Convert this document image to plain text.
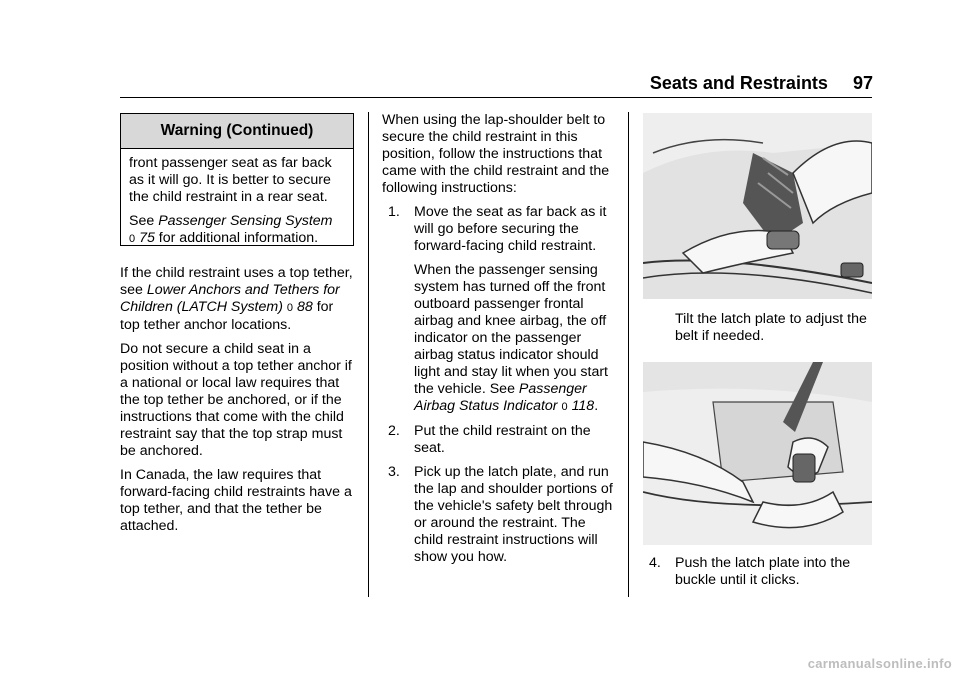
Seats and Restraints 97
Warning (Continued)

front passenger seat as far back as it will go. It is better to secure the child restraint in a rear seat.

See Passenger Sensing System
0 75 for additional information.

If the child restraint uses a top tether, see Lower Anchors and Tethers for Children (LATCH System) 0 88 for top tether anchor locations.

Do not secure a child seat in a position without a top tether anchor if a national or local law requires that the top tether be anchored, or if the instructions that come with the child restraint say that the top strap must be anchored.

In Canada, the law requires that forward-facing child restraints have a top tether, and that the tether be attached.

When using the lap-shoulder belt to secure the child restraint in this position, follow the instructions that came with the child restraint and the following instructions:

1. Move the seat as far back as it will go before securing the forward-facing child restraint.
When the passenger sensing system has turned off the front outboard passenger frontal airbag and knee airbag, the off indicator on the passenger airbag status indicator should light and stay lit when you start the vehicle. See Passenger Airbag Status Indicator 0 118.
2. Put the child restraint on the seat.
3. Pick up the latch plate, and run the lap and shoulder portions of the vehicle's safety belt through or around the restraint. The child restraint instructions will show you how.
Tilt the latch plate to adjust the belt if needed.
4. Push the latch plate into the buckle until it clicks.
carmanualsonline.info
